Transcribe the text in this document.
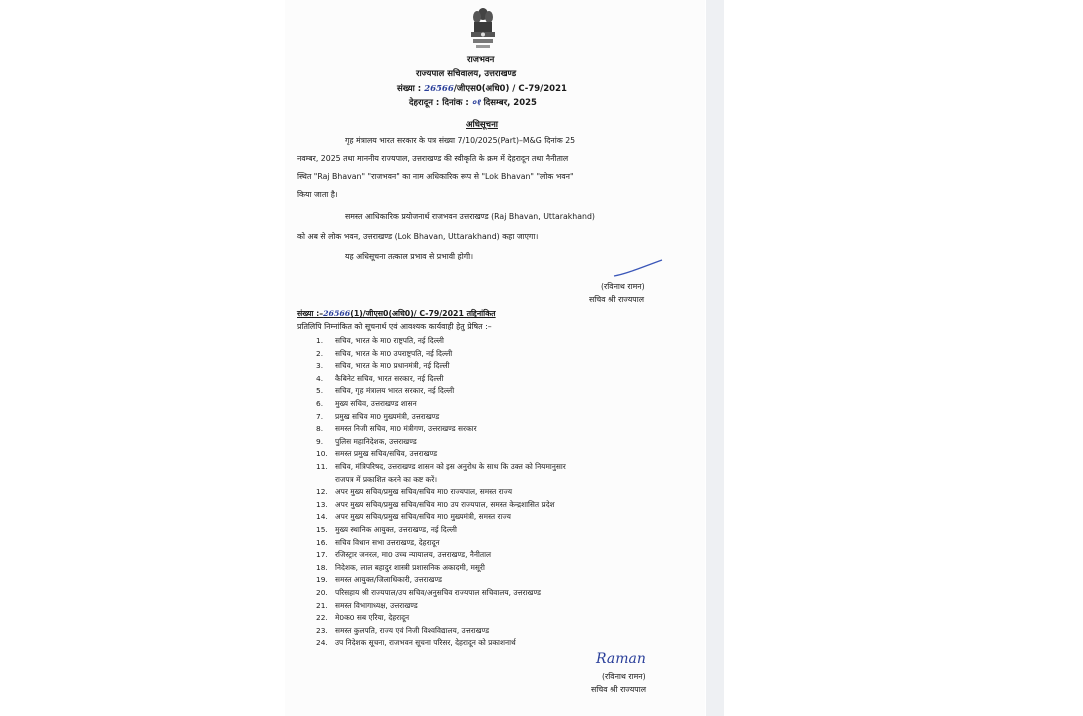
राजभवन
राज्यपाल सचिवालय, उत्तराखण्ड
संख्या : 26566/जीएस0(अधि0) / C-79/2021
देहरादून : दिनांक : ०१ दिसम्बर, 2025
अधिसूचना
गृह मंत्रालय भारत सरकार के पत्र संख्या 7/10/2025(Part)–M&G दिनांक 25
नवम्बर, 2025 तथा माननीय राज्यपाल, उत्तराखण्ड की स्वीकृति के क्रम में देहरादून तथा नैनीताल
स्थित "Raj Bhavan" "राजभवन" का नाम अधिकारिक रूप से "Lok Bhavan" "लोक भवन"
किया जाता है।
समस्त आधिकारिक प्रयोजनार्थ राजभवन उत्तराखण्ड (Raj Bhavan, Uttarakhand)
को अब से लोक भवन, उत्तराखण्ड (Lok Bhavan, Uttarakhand) कहा जाएगा।
यह अधिसूचना तत्काल प्रभाव से प्रभावी होगी।
(रविनाथ रामन)
सचिव श्री राज्यपाल
संख्या :–26566(1)/जीएस0(अधि0)/ C-79/2021 तद्दिनांकित
प्रतिलिपि निम्नांकित को सूचनार्थ एवं आवश्यक कार्यवाही हेतु प्रेषित :–
1. सचिव, भारत के मा0 राष्ट्रपति, नई दिल्ली
2. सचिव, भारत के मा0 उपराष्ट्रपति, नई दिल्ली
3. सचिव, भारत के मा0 प्रधानमंत्री, नई दिल्ली
4. कैबिनेट सचिव, भारत सरकार, नई दिल्ली
5. सचिव, गृह मंत्रालय भारत सरकार, नई दिल्ली
6. मुख्य सचिव, उत्तराखण्ड शासन
7. प्रमुख सचिव मा0 मुख्यमंत्री, उत्तराखण्ड
8. समस्त निजी सचिव, मा0 मंत्रीगण, उत्तराखण्ड सरकार
9. पुलिस महानिदेशक, उत्तराखण्ड
10. समस्त प्रमुख सचिव/सचिव, उत्तराखण्ड
11. सचिव, मंत्रिपरिषद, उत्तराखण्ड शासन को इस अनुरोध के साथ कि उक्त को नियमानुसार
राजपत्र में प्रकाशित करने का कष्ट करें।
12. अपर मुख्य सचिव/प्रमुख सचिव/सचिव मा0 राज्यपाल, समस्त राज्य
13. अपर मुख्य सचिव/प्रमुख सचिव/सचिव मा0 उप राज्यपाल, समस्त केन्द्रशासित प्रदेश
14. अपर मुख्य सचिव/प्रमुख सचिव/सचिव मा0 मुख्यमंत्री, समस्त राज्य
15. मुख्य स्थानिक आयुक्त, उत्तराखण्ड, नई दिल्ली
16. सचिव विधान सभा उत्तराखण्ड, देहरादून
17. रजिस्ट्रार जनरल, मा0 उच्च न्यायालय, उत्तराखण्ड, नैनीताल
18. निदेशक, लाल बहादुर शास्त्री प्रशासनिक अकादमी, मसूरी
19. समस्त आयुक्त/जिलाधिकारी, उत्तराखण्ड
20. परिसहाय श्री राज्यपाल/उप सचिव/अनुसचिव राज्यपाल सचिवालय, उत्तराखण्ड
21. समस्त विभागाध्यक्ष, उत्तराखण्ड
22. मे0क0 सब एरिया, देहरादून
23. समस्त कुलपति, राज्य एवं निजी विश्वविद्यालय, उत्तराखण्ड
24. उप निदेशक सूचना, राजभवन सूचना परिसर, देहरादून को प्रकाशनार्थ
Raman
(रविनाथ रामन)
सचिव श्री राज्यपाल
